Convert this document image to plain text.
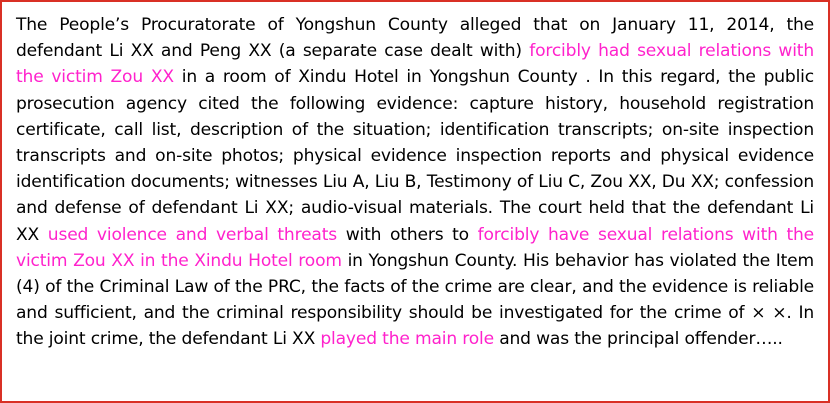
The People’s Procuratorate of Yongshun County alleged that on January 11, 2014, the defendant Li XX and Peng XX (a separate case dealt with) forcibly had sexual relations with the victim Zou XX in a room of Xindu Hotel in Yongshun County . In this regard, the public prosecution agency cited the following evidence: capture history, household registration certificate, call list, description of the situation; identification transcripts; on-site inspection transcripts and on-site photos; physical evidence inspection reports and physical evidence identification documents; witnesses Liu A, Liu B, Testimony of Liu C, Zou XX, Du XX; confession and defense of defendant Li XX; audio-visual materials. The court held that the defendant Li XX used violence and verbal threats with others to forcibly have sexual relations with the victim Zou XX in the Xindu Hotel room in Yongshun County. His behavior has violated the Item (4) of the Criminal Law of the PRC, the facts of the crime are clear, and the evidence is reliable and sufficient, and the criminal responsibility should be investigated for the crime of × ×. In the joint crime, the defendant Li XX played the main role and was the principal offender…..
